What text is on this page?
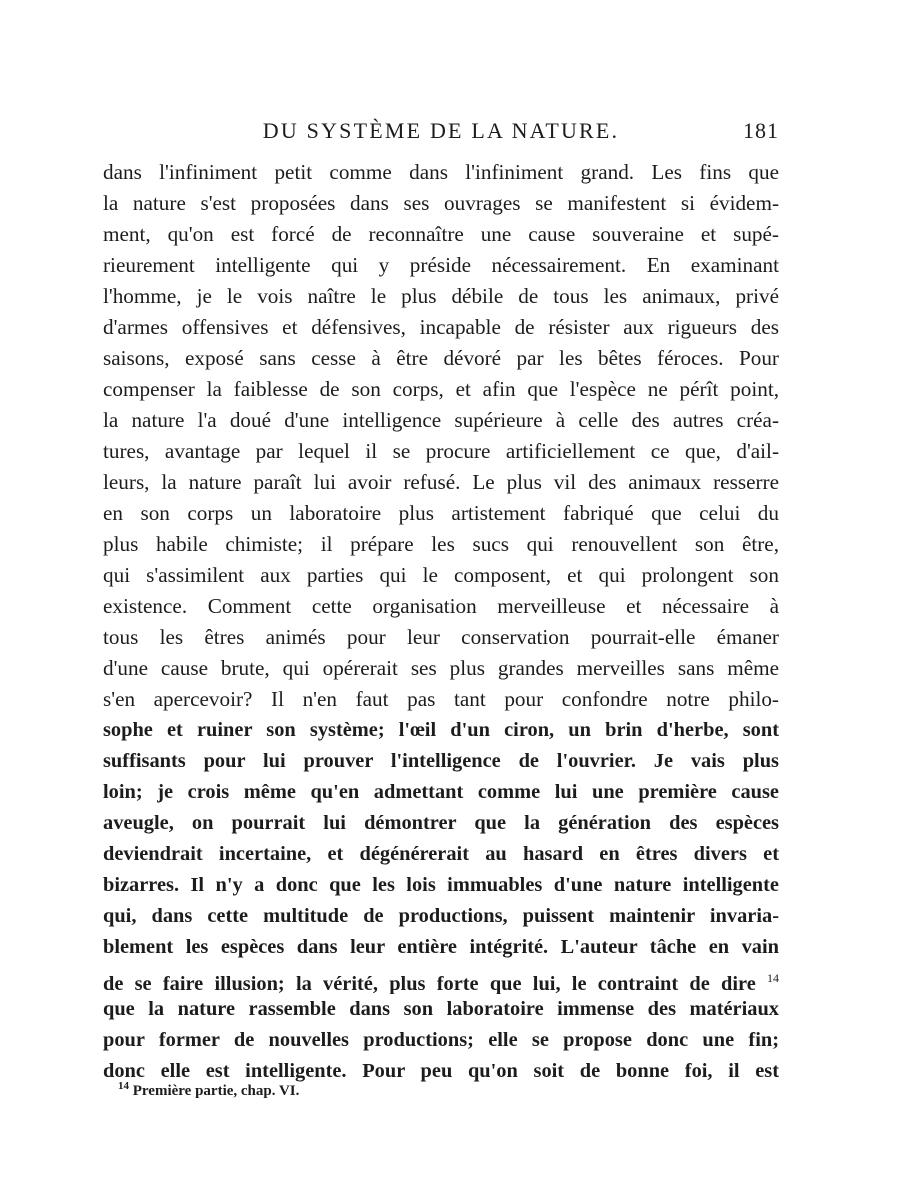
DU SYSTÈME DE LA NATURE.	181
dans l'infiniment petit comme dans l'infiniment grand. Les fins que
la nature s'est proposées dans ses ouvrages se manifestent si évidem-
ment, qu'on est forcé de reconnaître une cause souveraine et supé-
rieurement intelligente qui y préside nécessairement. En examinant
l'homme, je le vois naître le plus débile de tous les animaux, privé
d'armes offensives et défensives, incapable de résister aux rigueurs des
saisons, exposé sans cesse à être dévoré par les bêtes féroces. Pour
compenser la faiblesse de son corps, et afin que l'espèce ne pérît point,
la nature l'a doué d'une intelligence supérieure à celle des autres créa-
tures, avantage par lequel il se procure artificiellement ce que, d'ail-
leurs, la nature paraît lui avoir refusé. Le plus vil des animaux resserre
en son corps un laboratoire plus artistement fabriqué que celui du
plus habile chimiste; il prépare les sucs qui renouvellent son être,
qui s'assimilent aux parties qui le composent, et qui prolongent son
existence. Comment cette organisation merveilleuse et nécessaire à
tous les êtres animés pour leur conservation pourrait-elle émaner
d'une cause brute, qui opérerait ses plus grandes merveilles sans même
s'en apercevoir? Il n'en faut pas tant pour confondre notre philo-
sophe et ruiner son système; l'œil d'un ciron, un brin d'herbe, sont
suffisants pour lui prouver l'intelligence de l'ouvrier. Je vais plus
loin; je crois même qu'en admettant comme lui une première cause
aveugle, on pourrait lui démontrer que la génération des espèces
deviendrait incertaine, et dégénérerait au hasard en êtres divers et
bizarres. Il n'y a donc que les lois immuables d'une nature intelligente
qui, dans cette multitude de productions, puissent maintenir invaria-
blement les espèces dans leur entière intégrité. L'auteur tâche en vain
de se faire illusion; la vérité, plus forte que lui, le contraint de dire $^{14}$
que la nature rassemble dans son laboratoire immense des matériaux
pour former de nouvelles productions; elle se propose donc une fin;
donc elle est intelligente. Pour peu qu'on soit de bonne foi, il est
$^{14}$ Première partie, chap. VI.
